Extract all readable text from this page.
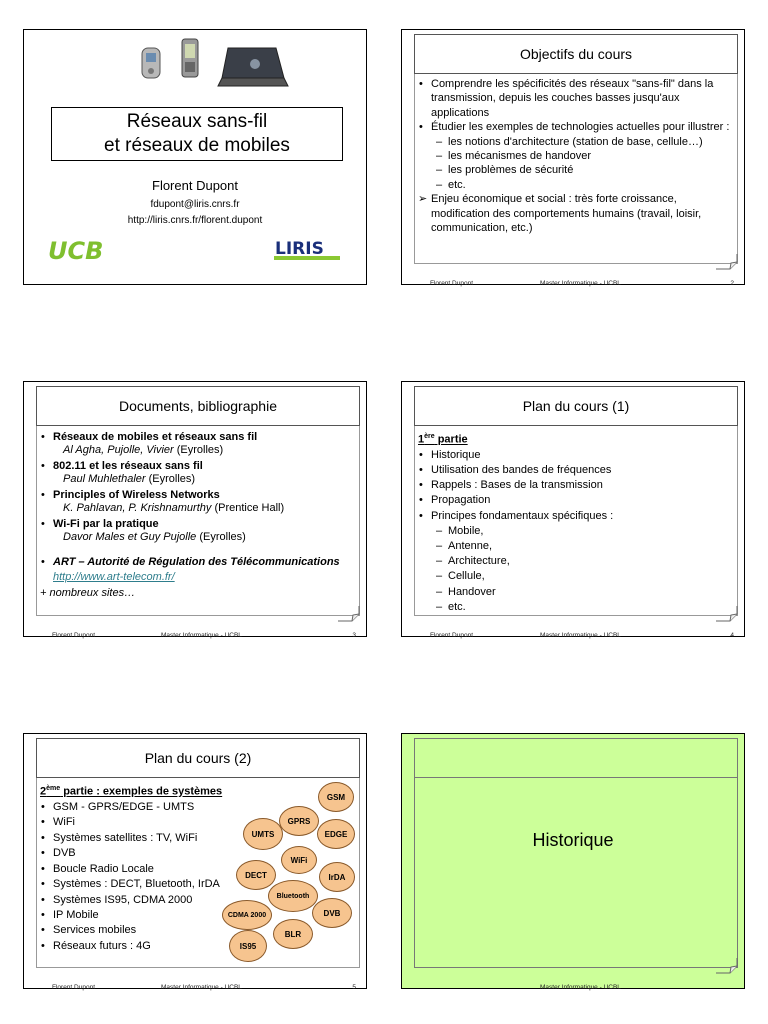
Réseaux sans-fil
et réseaux de mobiles
Florent Dupont
fdupont@liris.cnrs.fr
http://liris.cnrs.fr/florent.dupont
UCB	LIRIS
Objectifs du cours
• Comprendre les spécificités des réseaux "sans-fil" dans la transmission, depuis les couches basses jusqu'aux applications
• Étudier les exemples de technologies actuelles pour illustrer :
– les notions d'architecture (station de base, cellule…)
– les mécanismes de handover
– les problèmes de sécurité
– etc.
➢ Enjeu économique et social : très forte croissance, modification des comportements humains (travail, loisir, communication, etc.)
Florent Dupont	Master Informatique - UCBL	2
Documents, bibliographie
• Réseaux de mobiles et réseaux sans fil
Al Agha, Pujolle, Vivier (Eyrolles)
• 802.11 et les réseaux sans fil
Paul Muhlethaler (Eyrolles)
• Principles of Wireless Networks
K. Pahlavan, P. Krishnamurthy (Prentice Hall)
• Wi-Fi par la pratique
Davor Males et Guy Pujolle (Eyrolles)
• ART – Autorité de Régulation des Télécommunications
http://www.art-telecom.fr/
+ nombreux sites…
Florent Dupont	Master Informatique - UCBL	3
Plan du cours (1)
1ère partie
• Historique
• Utilisation des bandes de fréquences
• Rappels : Bases de la transmission
• Propagation
• Principes fondamentaux spécifiques :
– Mobile,
– Antenne,
– Architecture,
– Cellule,
– Handover
– etc.
Florent Dupont	Master Informatique - UCBL	4
Plan du cours (2)
2ème partie : exemples de systèmes
• GSM - GPRS/EDGE - UMTS
• WiFi
• Systèmes satellites : TV, WiFi
• DVB
• Boucle Radio Locale
• Systèmes : DECT, Bluetooth, IrDA
• Systèmes IS95, CDMA 2000
• IP Mobile
• Services mobiles
• Réseaux futurs : 4G
GSM
GPRS
UMTS	EDGE
WiFi
DECT	IrDA
Bluetooth
CDMA 2000	DVB
BLR
IS95
Florent Dupont	Master Informatique - UCBL	5
Historique
Master Informatique - UCBL
